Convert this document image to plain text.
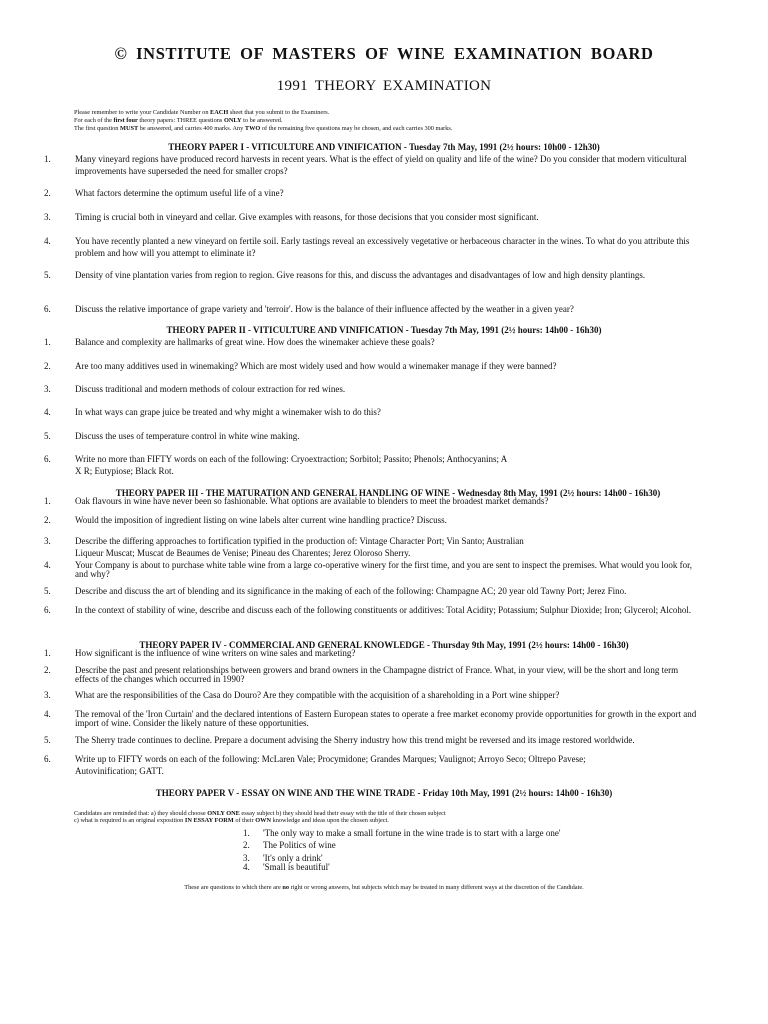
© INSTITUTE OF MASTERS OF WINE EXAMINATION BOARD
1991 THEORY EXAMINATION
Please remember to write your Candidate Number on EACH sheet that you submit to the Examiners.
For each of the first four theory papers: THREE questions ONLY to be answered.
The first question MUST be answered, and carries 400 marks. Any TWO of the remaining five questions may be chosen, and each carries 300 marks.
THEORY PAPER I - VITICULTURE AND VINIFICATION - Tuesday 7th May, 1991 (2½ hours: 10h00 - 12h30)
1.	Many vineyard regions have produced record harvests in recent years. What is the effect of yield on quality and life of the wine? Do you consider that modern viticultural improvements have superseded the need for smaller crops?
2.	What factors determine the optimum useful life of a vine?
3.	Timing is crucial both in vineyard and cellar. Give examples with reasons, for those decisions that you consider most significant.
4.	You have recently planted a new vineyard on fertile soil. Early tastings reveal an excessively vegetative or herbaceous character in the wines. To what do you attribute this problem and how will you attempt to eliminate it?
5.	Density of vine plantation varies from region to region. Give reasons for this, and discuss the advantages and disadvantages of low and high density plantings.
6.	Discuss the relative importance of grape variety and 'terroir'. How is the balance of their influence affected by the weather in a given year?
THEORY PAPER II - VITICULTURE AND VINIFICATION - Tuesday 7th May, 1991 (2½ hours: 14h00 - 16h30)
1.	Balance and complexity are hallmarks of great wine. How does the winemaker achieve these goals?
2.	Are too many additives used in winemaking? Which are most widely used and how would a winemaker manage if they were banned?
3.	Discuss traditional and modern methods of colour extraction for red wines.
4.	In what ways can grape juice be treated and why might a winemaker wish to do this?
5.	Discuss the uses of temperature control in white wine making.
6.	Write no more than FIFTY words on each of the following: Cryoextraction; Sorbitol; Passito; Phenols; Anthocyanins; A X R; Eutypiose; Black Rot.
THEORY PAPER III - THE MATURATION AND GENERAL HANDLING OF WINE - Wednesday 8th May, 1991 (2½ hours: 14h00 - 16h30)
1.	Oak flavours in wine have never been so fashionable. What options are available to blenders to meet the broadest market demands?
2.	Would the imposition of ingredient listing on wine labels alter current wine handling practice? Discuss.
3.	Describe the differing approaches to fortification typified in the production of: Vintage Character Port; Vin Santo; Australian Liqueur Muscat; Muscat de Beaumes de Venise; Pineau des Charentes; Jerez Oloroso Sherry.
4.	Your Company is about to purchase white table wine from a large co-operative winery for the first time, and you are sent to inspect the premises. What would you look for, and why?
5.	Describe and discuss the art of blending and its significance in the making of each of the following: Champagne AC; 20 year old Tawny Port; Jerez Fino.
6.	In the context of stability of wine, describe and discuss each of the following constituents or additives: Total Acidity; Potassium; Sulphur Dioxide; Iron; Glycerol; Alcohol.
THEORY PAPER IV - COMMERCIAL AND GENERAL KNOWLEDGE - Thursday 9th May, 1991 (2½ hours: 14h00 - 16h30)
1.	How significant is the influence of wine writers on wine sales and marketing?
2.	Describe the past and present relationships between growers and brand owners in the Champagne district of France. What, in your view, will be the short and long term effects of the changes which occurred in 1990?
3.	What are the responsibilities of the Casa do Douro? Are they compatible with the acquisition of a shareholding in a Port wine shipper?
4.	The removal of the 'Iron Curtain' and the declared intentions of Eastern European states to operate a free market economy provide opportunities for growth in the export and import of wine. Consider the likely nature of these opportunities.
5.	The Sherry trade continues to decline. Prepare a document advising the Sherry industry how this trend might be reversed and its image restored worldwide.
6.	Write up to FIFTY words on each of the following: McLaren Vale; Procymidone; Grandes Marques; Vaulignot; Arroyo Seco; Oltrepo Pavese; Autovinification; GATT.
THEORY PAPER V - ESSAY ON WINE AND THE WINE TRADE - Friday 10th May, 1991 (2½ hours: 14h00 - 16h30)
Candidates are reminded that: a) they should choose ONLY ONE essay subject b) they should head their essay with the title of their chosen subject
c) what is required is an original exposition IN ESSAY FORM of their OWN knowledge and ideas upon the chosen subject.
1. 'The only way to make a small fortune in the wine trade is to start with a large one'
2. The Politics of wine
3. 'It's only a drink'
4. 'Small is beautiful'
These are questions to which there are no right or wrong answers, but subjects which may be treated in many different ways at the discretion of the Candidate.
